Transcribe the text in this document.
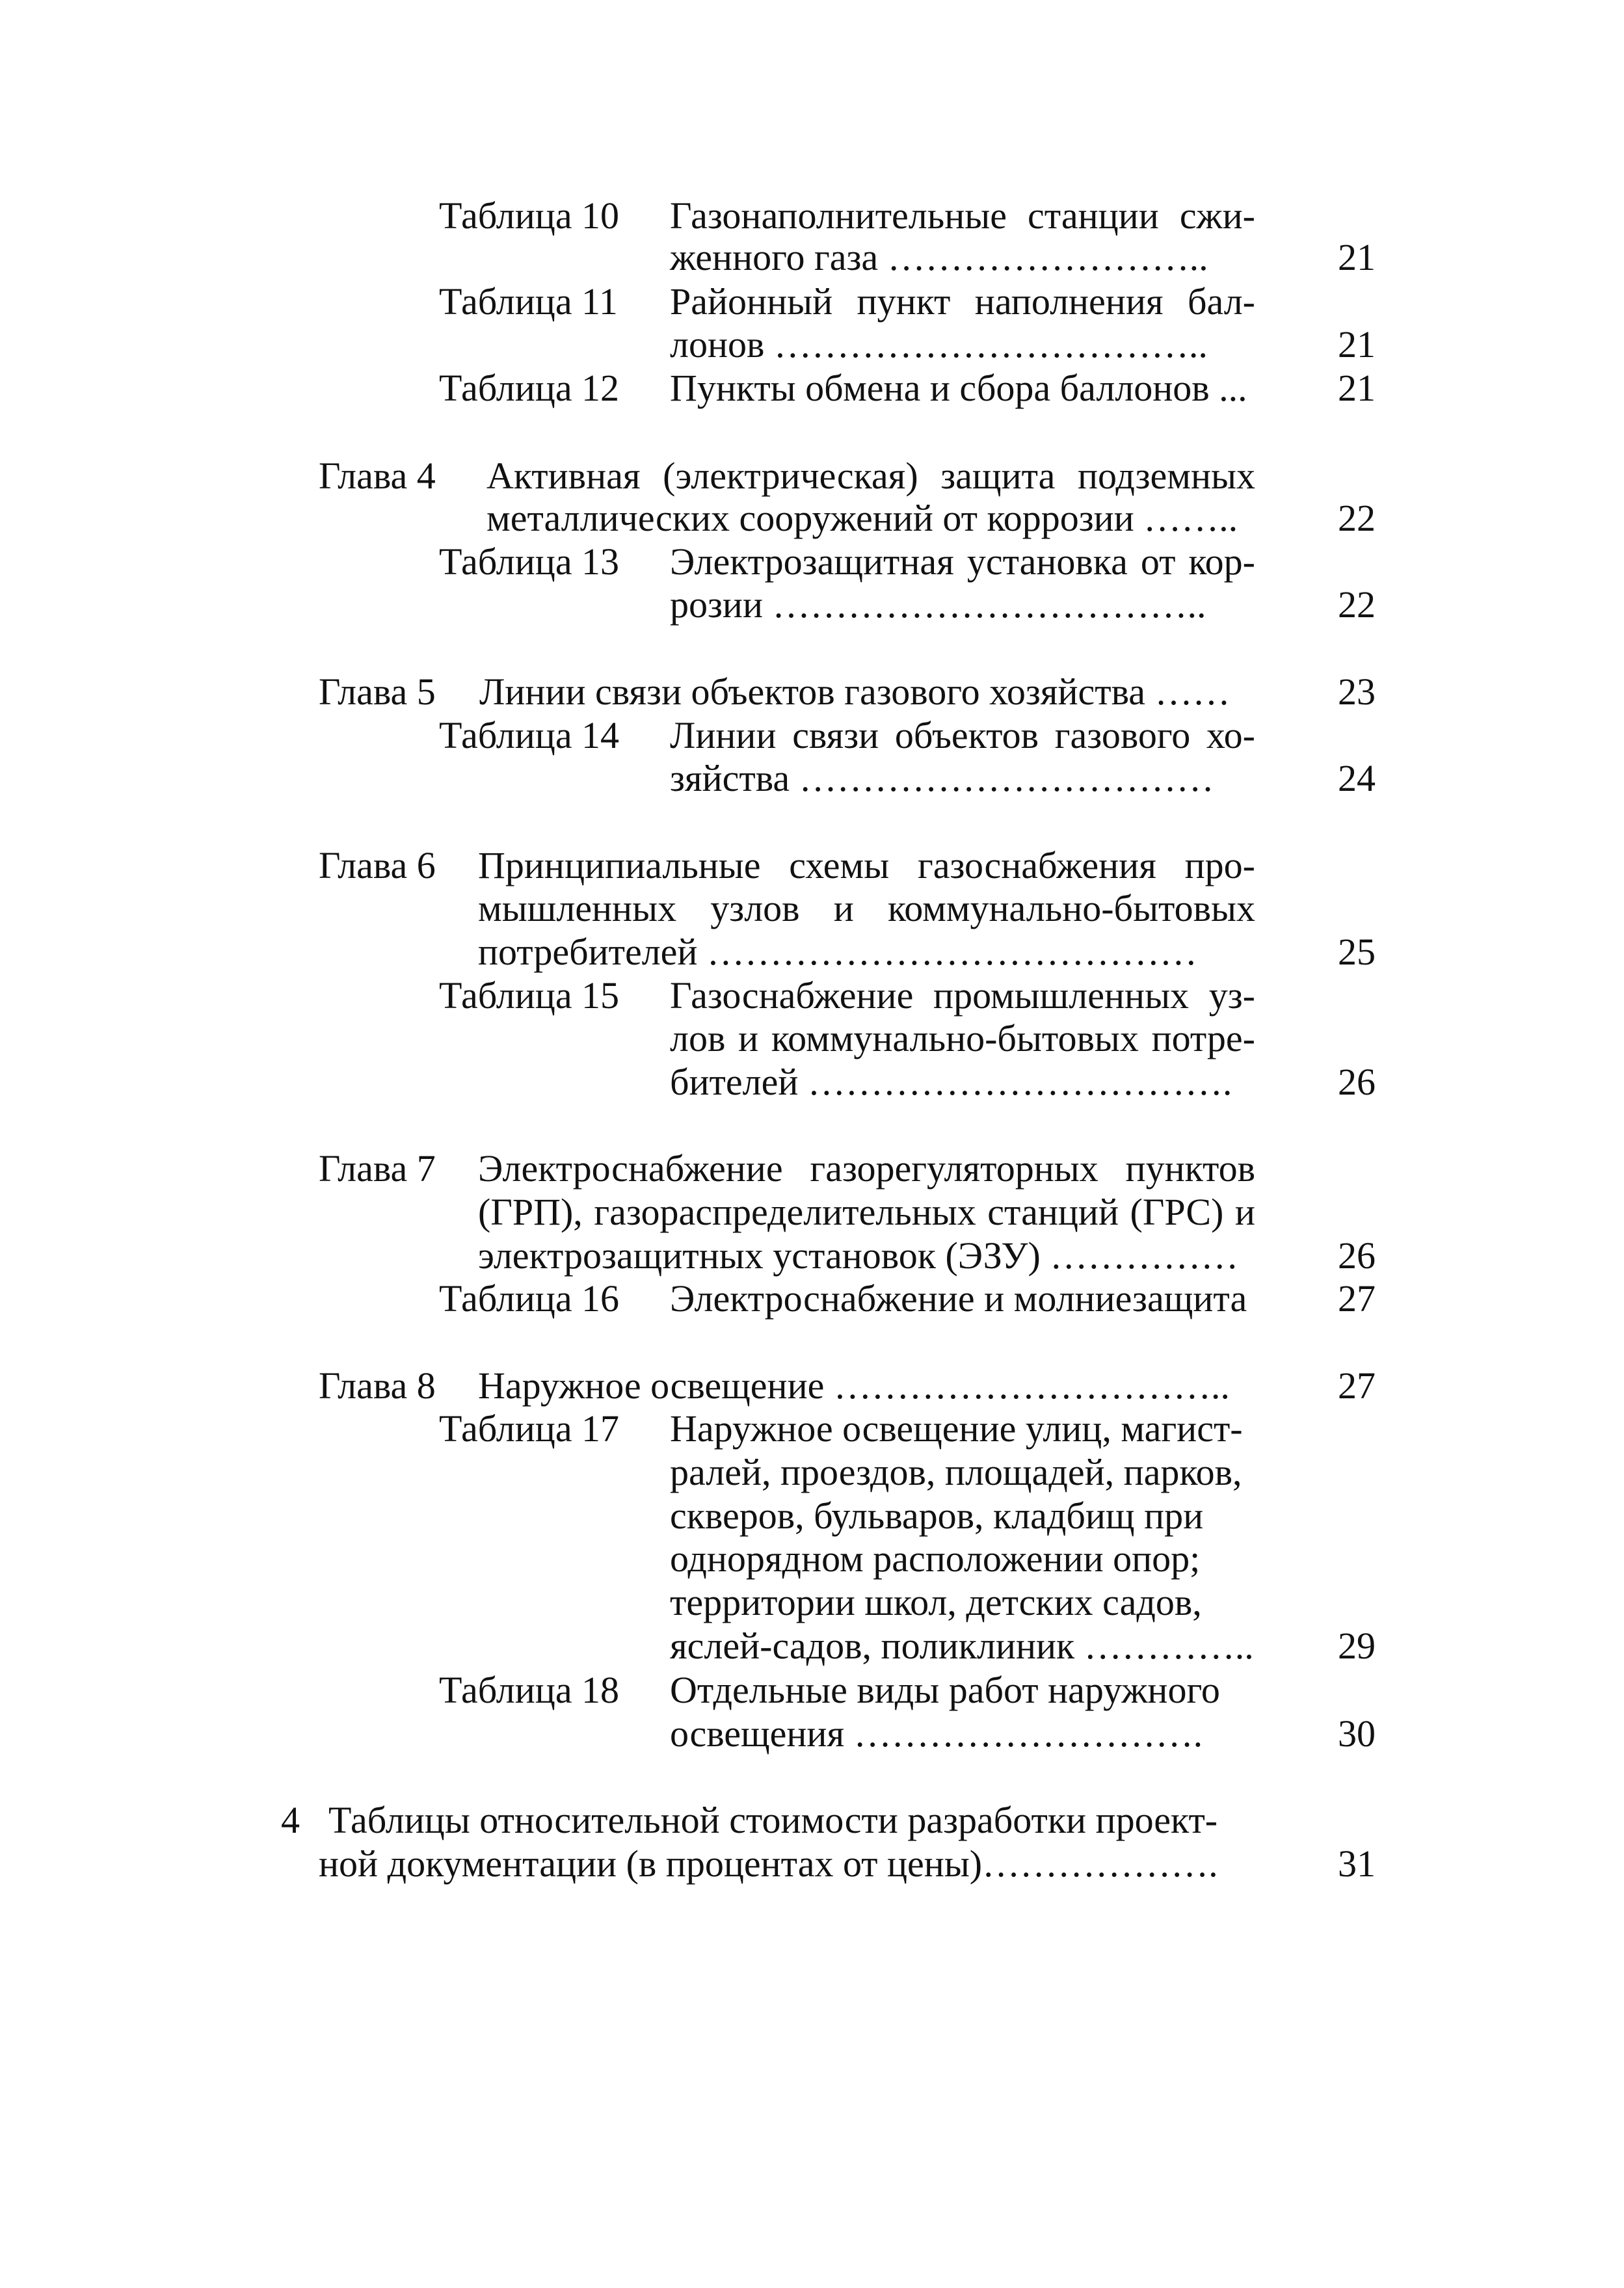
Таблица 10 Газонаполнительные станции сжи-
женного газа ……………………..	21
Таблица 11 Районный пункт наполнения бал-
лонов ……………………………..	21
Таблица 12 Пункты обмена и сбора баллонов ...	21
Глава 4 Активная (электрическая) защита подземных
металлических сооружений от коррозии ……..	22
Таблица 13 Электрозащитная установка от кор-
розии ……………………………..	22
Глава 5 Линии связи объектов газового хозяйства ……	23
Таблица 14 Линии связи объектов газового хо-
зяйства ……………………………	24
Глава 6 Принципиальные схемы газоснабжения про-
мышленных узлов и коммунально-бытовых
потребителей …………………………………	25
Таблица 15 Газоснабжение промышленных уз-
лов и коммунально-бытовых потре-
бителей …………………………….	26
Глава 7 Электроснабжение газорегуляторных пунктов
(ГРП), газораспределительных станций (ГРС) и
электрозащитных установок (ЭЗУ) ……………	26
Таблица 16 Электроснабжение и молниезащита	27
Глава 8 Наружное освещение …………………………..	27
Таблица 17 Наружное освещение улиц, магист-
ралей, проездов, площадей, парков,
скверов, бульваров, кладбищ при
однорядном расположении опор;
территории школ, детских садов,
яслей-садов, поликлиник …………..	29
Таблица 18 Отдельные виды работ наружного
освещения ……………………….	30
4 Таблицы относительной стоимости разработки проект-
ной документации (в процентах от цены)……………….	31
